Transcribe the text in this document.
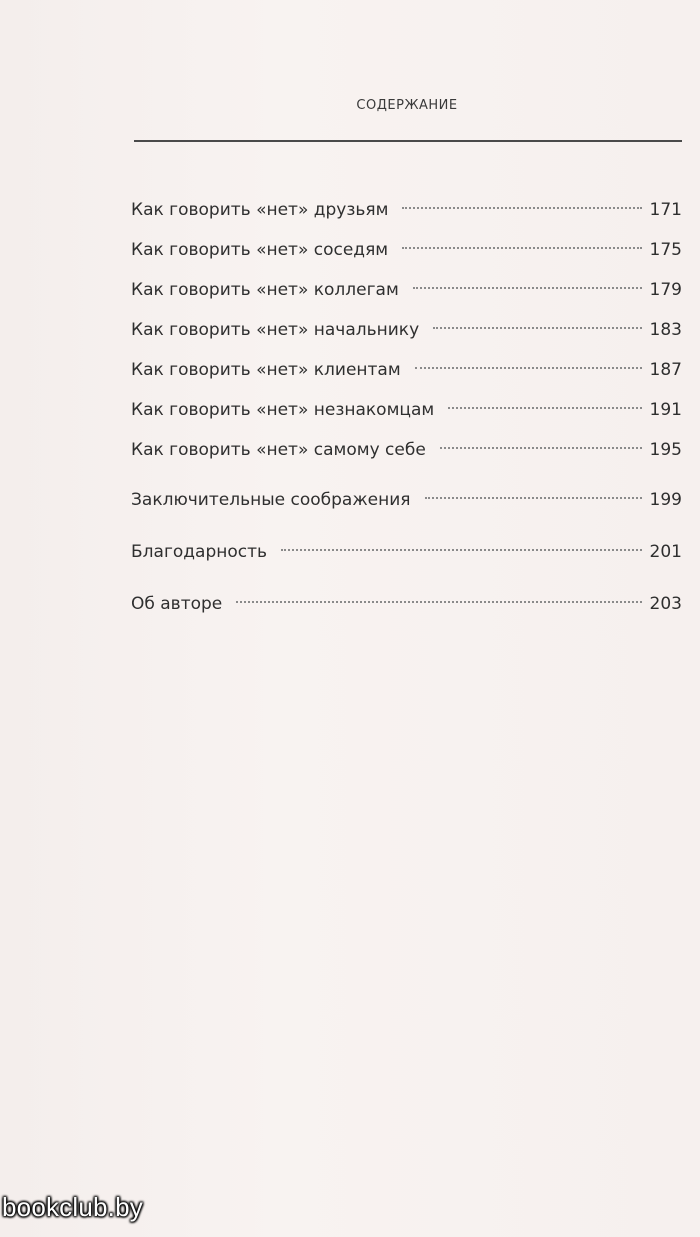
СОДЕРЖАНИЕ
Как говорить «нет» друзьям	171
Как говорить «нет» соседям	175
Как говорить «нет» коллегам	179
Как говорить «нет» начальнику	183
Как говорить «нет» клиентам	187
Как говорить «нет» незнакомцам	191
Как говорить «нет» самому себе	195
Заключительные соображения	199
Благодарность	201
Об авторе	203
bookclub.by
